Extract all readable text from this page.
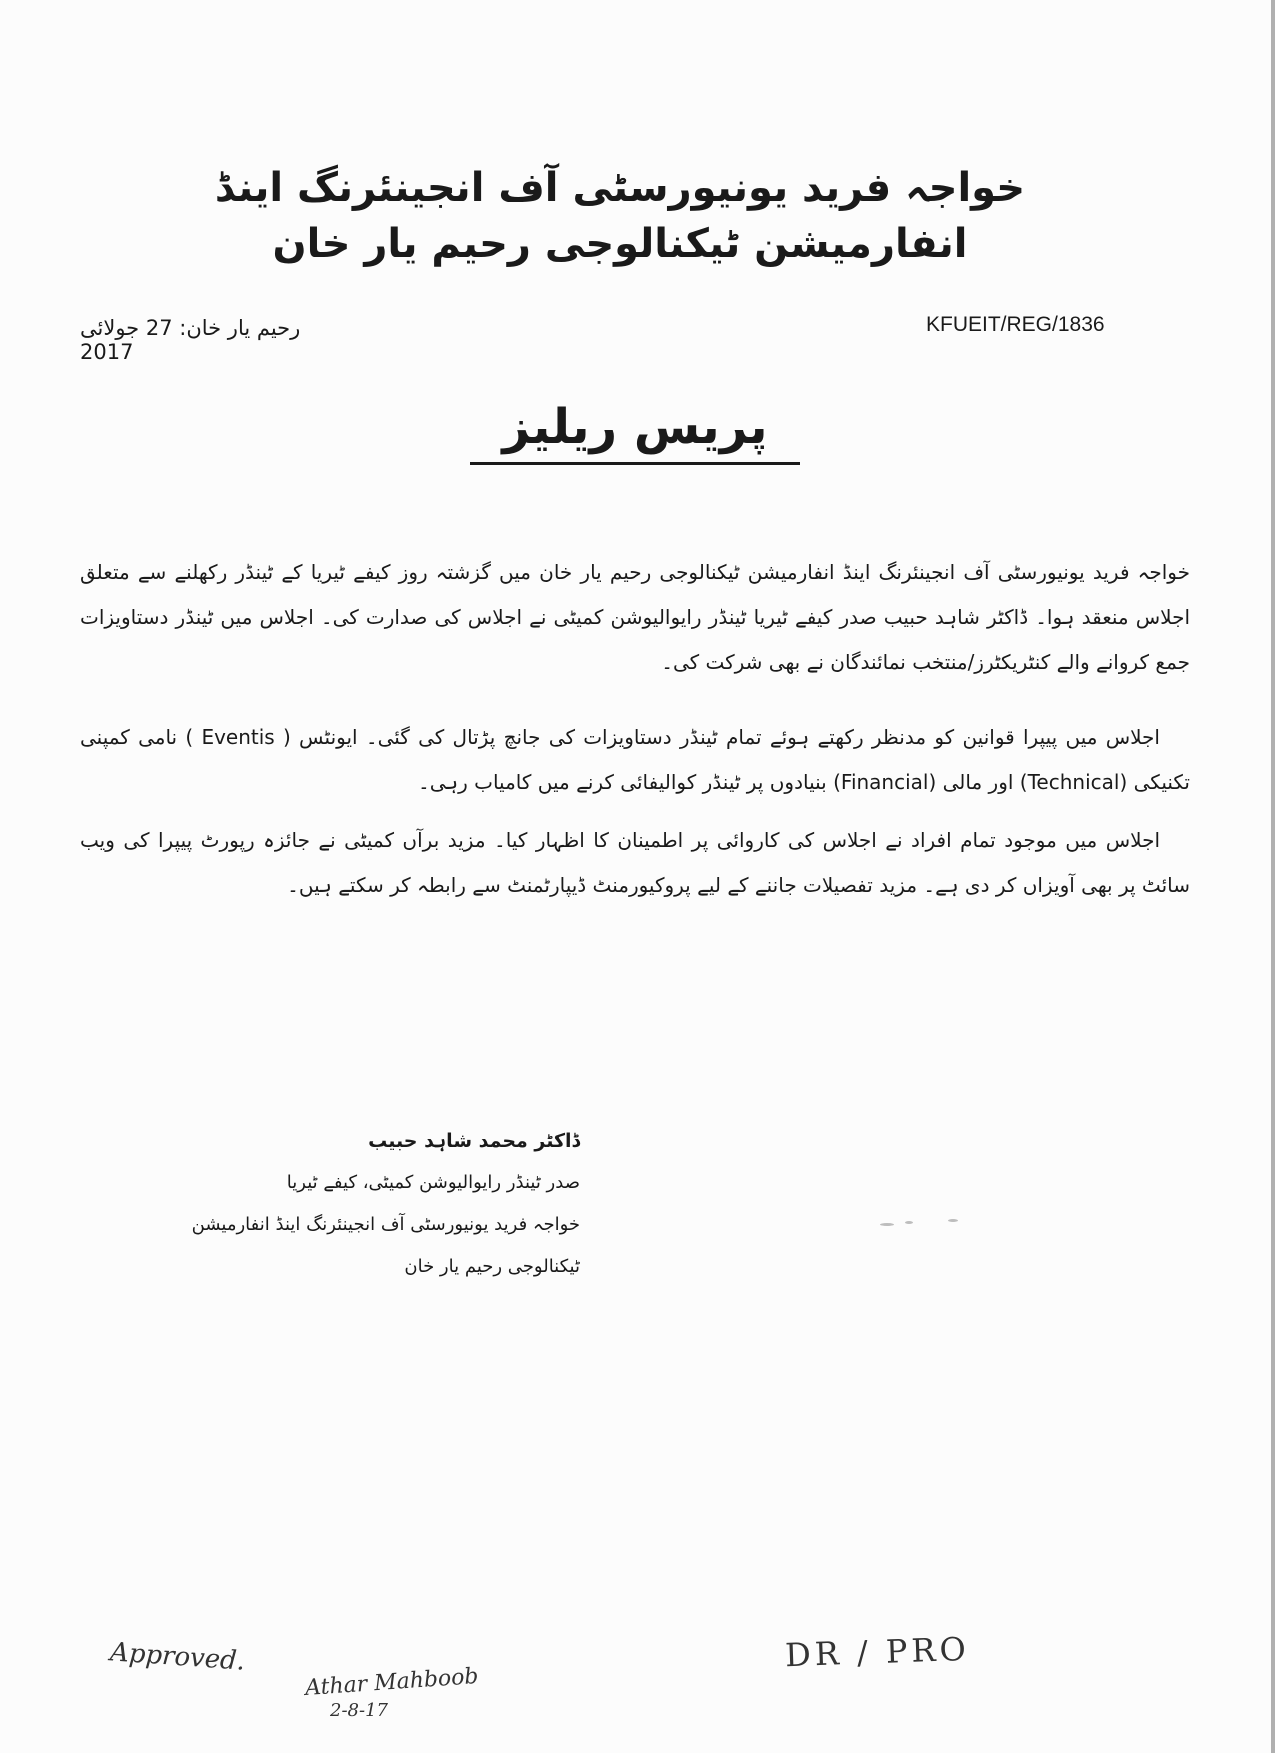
خواجہ فرید یونیورسٹی آف انجینئرنگ اینڈ انفارمیشن ٹیکنالوجی رحیم یار خان
KFUEIT/REG/1836
رحیم یار خان: 27 جولائی 2017
پریس ریلیز
خواجہ فرید یونیورسٹی آف انجینئرنگ اینڈ انفارمیشن ٹیکنالوجی رحیم یار خان میں گزشتہ روز کیفے ٹیریا کے ٹینڈر رکھلنے سے متعلق اجلاس منعقد ہوا۔ ڈاکٹر شاہد حبیب صدر کیفے ٹیریا ٹینڈر رایوالیوشن کمیٹی نے اجلاس کی صدارت کی۔ اجلاس میں ٹینڈر دستاویزات جمع کروانے والے کنٹریکٹرز/منتخب نمائندگان نے بھی شرکت کی۔
اجلاس میں پیپرا قوانین کو مدنظر رکھتے ہوئے تمام ٹینڈر دستاویزات کی جانچ پڑتال کی گئی۔ ایونٹس ( Eventis ) نامی کمپنی تکنیکی (Technical) اور مالی (Financial) بنیادوں پر ٹینڈر کوالیفائی کرنے میں کامیاب رہی۔
اجلاس میں موجود تمام افراد نے اجلاس کی کاروائی پر اطمینان کا اظہار کیا۔ مزید برآں کمیٹی نے جائزہ رپورٹ پیپرا کی ویب سائٹ پر بھی آویزاں کر دی ہے۔ مزید تفصیلات جاننے کے لیے پروکیورمنٹ ڈیپارٹمنٹ سے رابطہ کر سکتے ہیں۔
ڈاکٹر محمد شاہد حبیب
صدر ٹینڈر رایوالیوشن کمیٹی، کیفے ٹیریا
خواجہ فرید یونیورسٹی آف انجینئرنگ اینڈ انفارمیشن ٹیکنالوجی رحیم یار خان
Approved.
Athar Mahboob
2-8-17
DR / PRO
